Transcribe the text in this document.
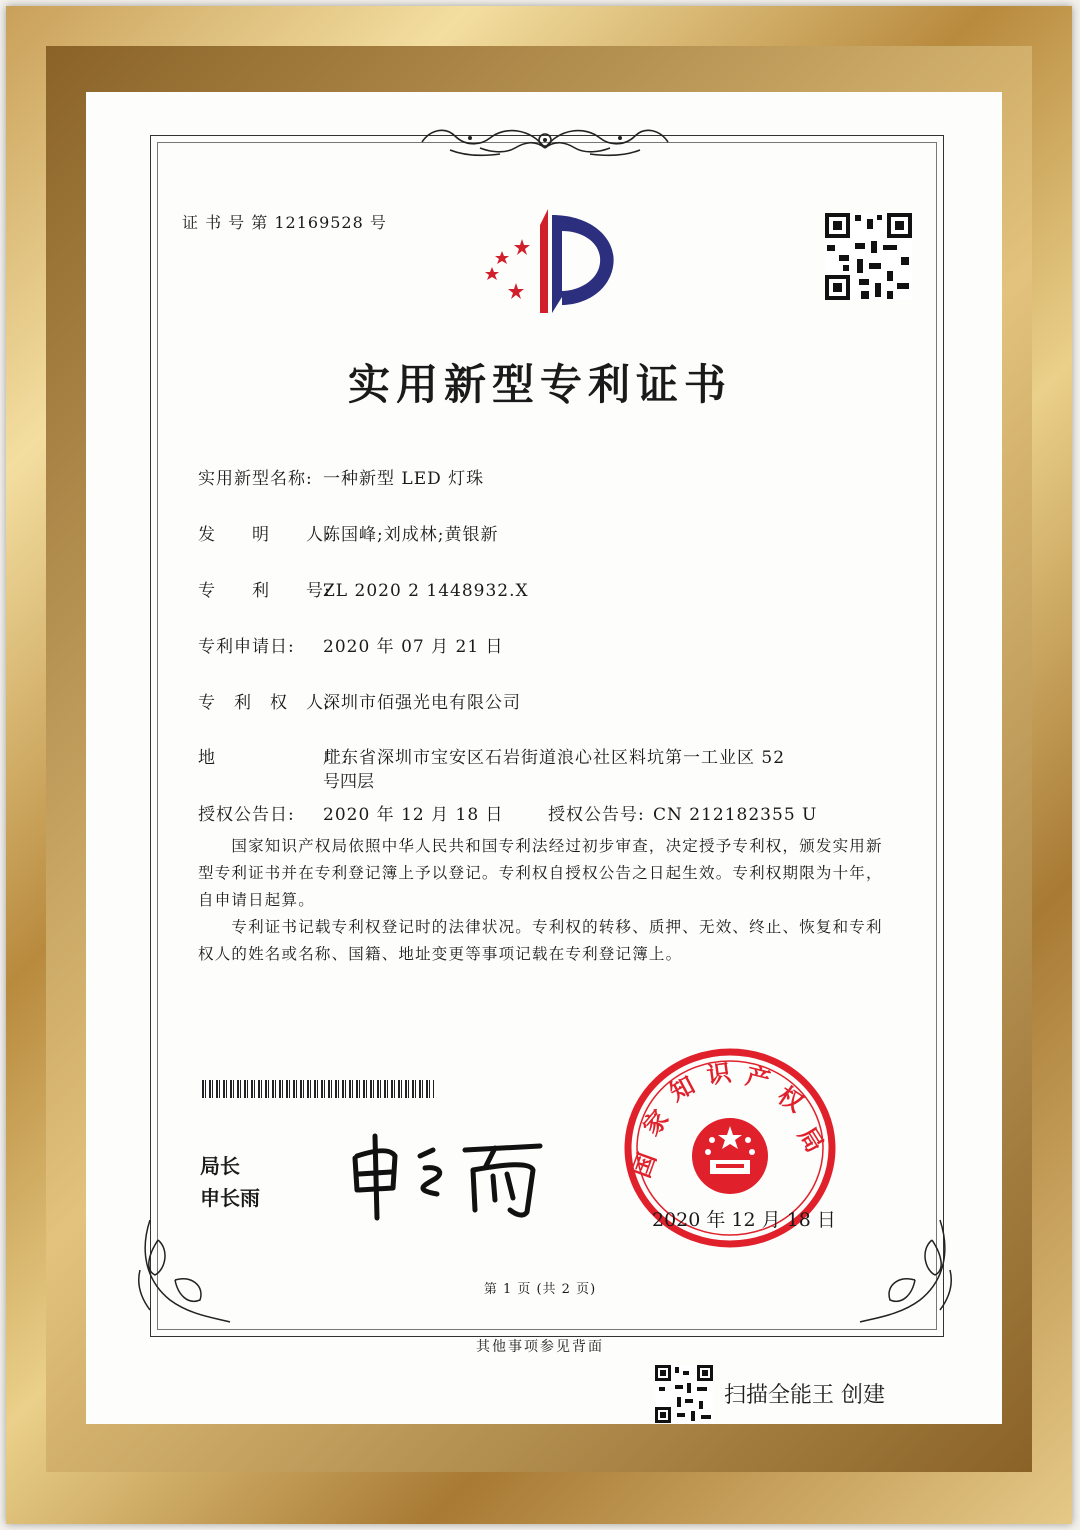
证 书 号 第 12169528 号
实用新型专利证书
实用新型名称: 一种新型 LED 灯珠
发　　明　　人:陈国峰;刘成林;黄银新
专　　利　　号:ZL 2020 2 1448932.X
专利申请日: 2020 年 07 月 21 日
专　利　权　人:深圳市佰强光电有限公司
地　　　　　　址:广东省深圳市宝安区石岩街道浪心社区料坑第一工业区 52
号四层
授权公告日: 2020 年 12 月 18 日	授权公告号: CN 212182355 U
　　国家知识产权局依照中华人民共和国专利法经过初步审查，决定授予专利权，颁发实用新型专利证书并在专利登记簿上予以登记。专利权自授权公告之日起生效。专利权期限为十年，自申请日起算。
　　专利证书记载专利权登记时的法律状况。专利权的转移、质押、无效、终止、恢复和专利权人的姓名或名称、国籍、地址变更等事项记载在专利登记簿上。
局长
申长雨
国
家
知 识 产
权
局
2020 年 12 月 18 日
第 1 页 (共 2 页)
其他事项参见背面
扫描全能王 创建
